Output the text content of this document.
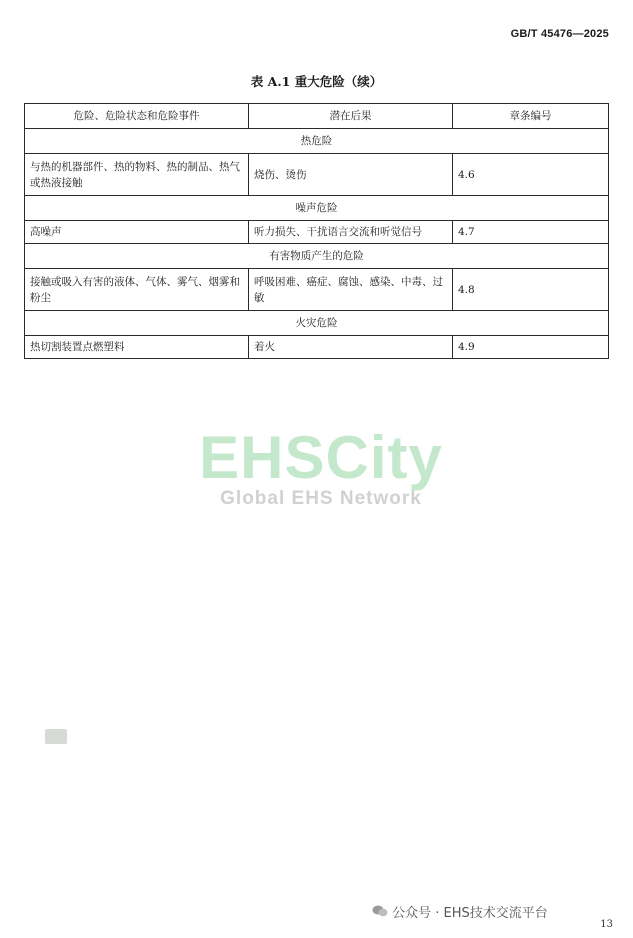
GB/T 45476—2025
表 A.1 重大危险（续）
危险、危险状态和危险事件	潜在后果	章条编号
热危险		
与热的机器部件、热的物料、热的制品、热气或热液接触	烧伤、烫伤	4.6
噪声危险		
高噪声	听力损失、干扰语言交流和听觉信号	4.7
有害物质产生的危险		
接触或吸入有害的液体、气体、雾气、烟雾和粉尘	呼吸困难、癌症、腐蚀、感染、中毒、过敏	4.8
火灾危险		
热切割装置点燃塑料	着火	4.9
EHSCity
Global EHS Network
公众号 · EHS技术交流平台
13
